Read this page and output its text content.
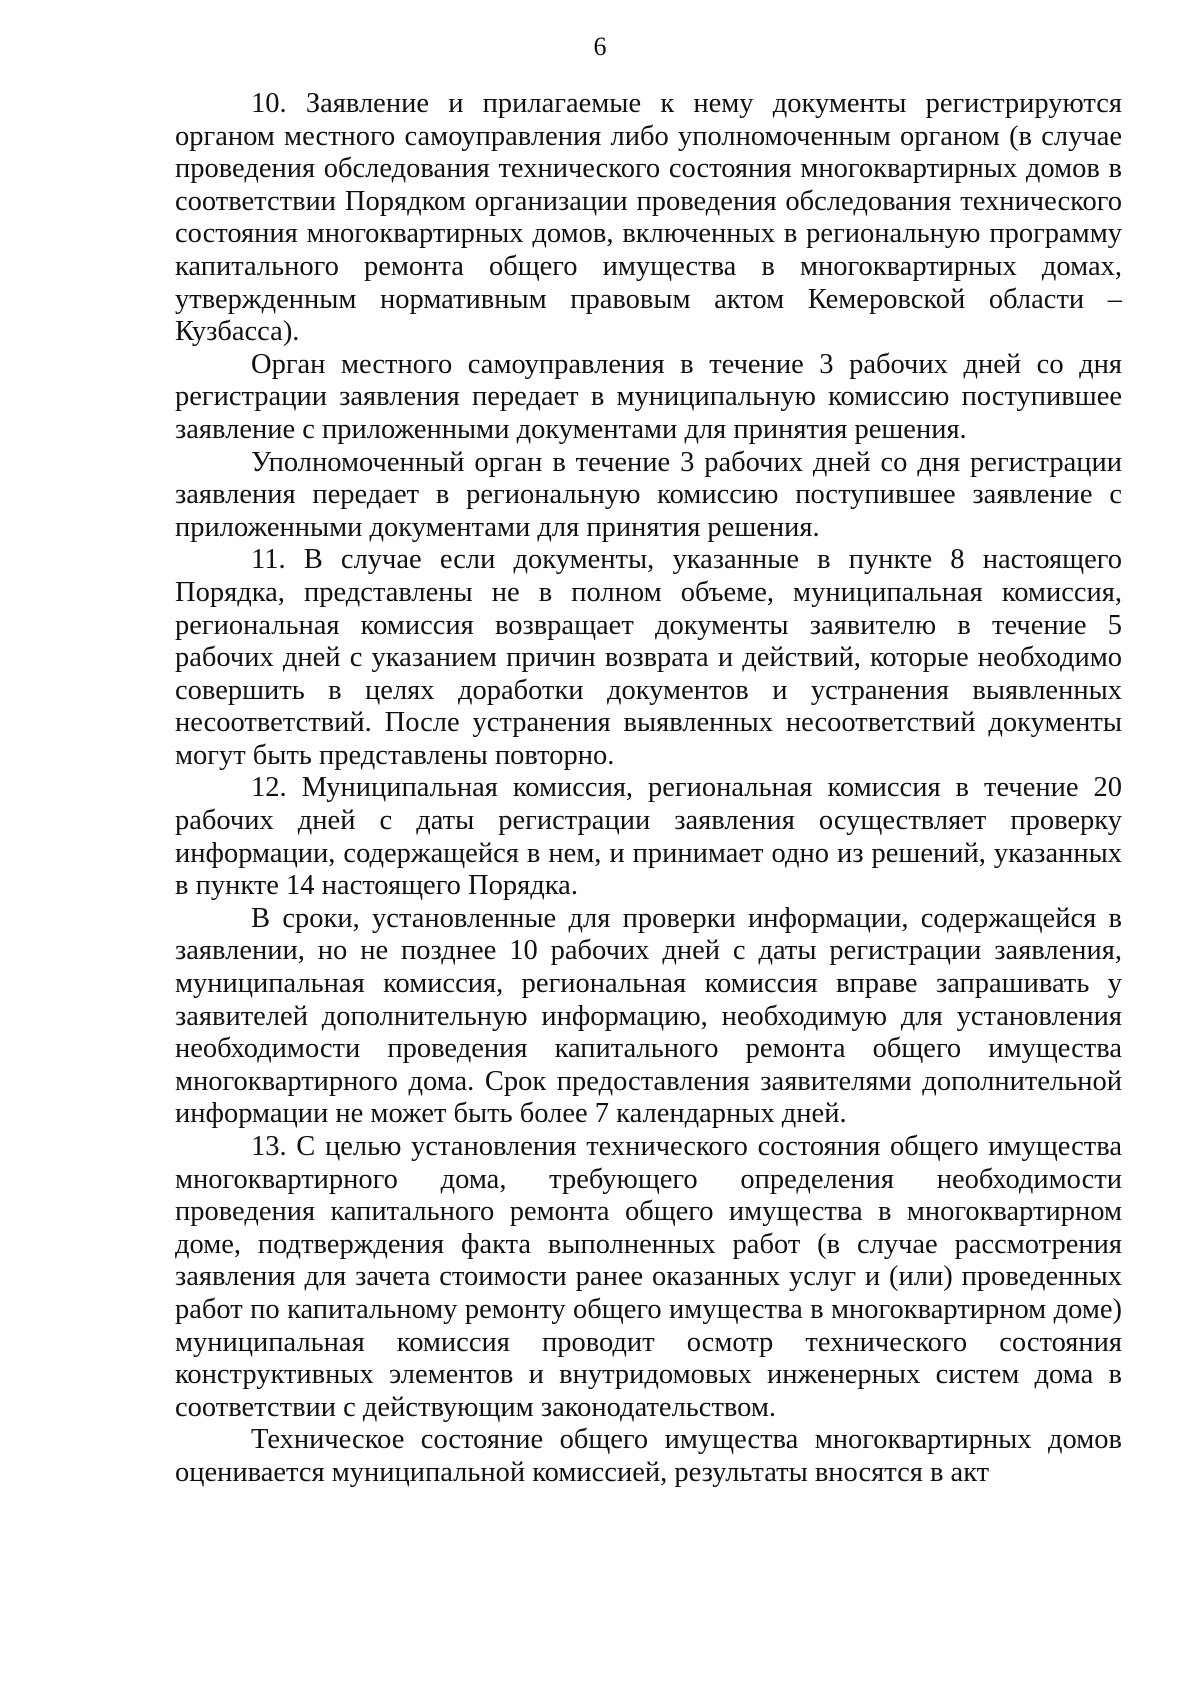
6

10. Заявление и прилагаемые к нему документы регистрируются органом местного самоуправления либо уполномоченным органом (в случае проведения обследования технического состояния многоквартирных домов в соответствии Порядком организации проведения обследования технического состояния многоквартирных домов, включенных в региональную программу капитального ремонта общего имущества в многоквартирных домах, утвержденным нормативным правовым актом Кемеровской области – Кузбасса).

Орган местного самоуправления в течение 3 рабочих дней со дня регистрации заявления передает в муниципальную комиссию поступившее заявление с приложенными документами для принятия решения.

Уполномоченный орган в течение 3 рабочих дней со дня регистрации заявления передает в региональную комиссию поступившее заявление с приложенными документами для принятия решения.

11. В случае если документы, указанные в пункте 8 настоящего Порядка, представлены не в полном объеме, муниципальная комиссия, региональная комиссия возвращает документы заявителю в течение 5 рабочих дней с указанием причин возврата и действий, которые необходимо совершить в целях доработки документов и устранения выявленных несоответствий. После устранения выявленных несоответствий документы могут быть представлены повторно.

12. Муниципальная комиссия, региональная комиссия в течение 20 рабочих дней с даты регистрации заявления осуществляет проверку информации, содержащейся в нем, и принимает одно из решений, указанных в пункте 14 настоящего Порядка.

В сроки, установленные для проверки информации, содержащейся в заявлении, но не позднее 10 рабочих дней с даты регистрации заявления, муниципальная комиссия, региональная комиссия вправе запрашивать у заявителей дополнительную информацию, необходимую для установления необходимости проведения капитального ремонта общего имущества многоквартирного дома. Срок предоставления заявителями дополнительной информации не может быть более 7 календарных дней.

13. С целью установления технического состояния общего имущества многоквартирного дома, требующего определения необходимости проведения капитального ремонта общего имущества в многоквартирном доме, подтверждения факта выполненных работ (в случае рассмотрения заявления для зачета стоимости ранее оказанных услуг и (или) проведенных работ по капитальному ремонту общего имущества в многоквартирном доме) муниципальная комиссия проводит осмотр технического состояния конструктивных элементов и внутридомовых инженерных систем дома в соответствии с действующим законодательством.

Техническое состояние общего имущества многоквартирных домов оценивается муниципальной комиссией, результаты вносятся в акт
